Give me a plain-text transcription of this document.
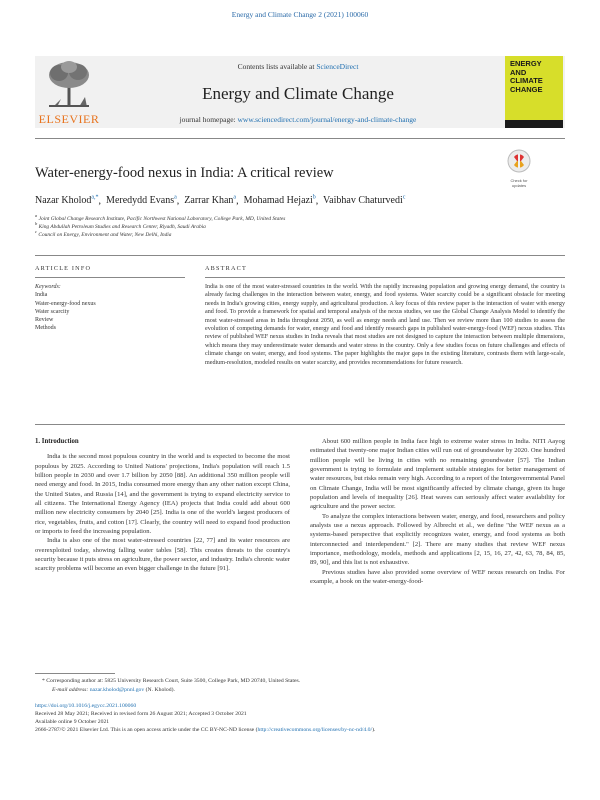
Energy and Climate Change 2 (2021) 100060
ELSEVIER
Contents lists available at ScienceDirect
Energy and Climate Change
journal homepage: www.sciencedirect.com/journal/energy-and-climate-change
ENERGY
AND
CLIMATE
CHANGE
Water-energy-food nexus in India: A critical review	Check for updates
Nazar Kholod$^{a,*}$,  Meredydd Evans$^a$,  Zarrar Khan$^a$,  Mohamad Hejazi$^b$,  Vaibhav Chaturvedi$^c$
$^a$ Joint Global Change Research Institute, Pacific Northwest National Laboratory, College Park, MD, United States
$^b$ King Abdullah Petroleum Studies and Research Center, Riyadh, Saudi Arabia
$^c$ Council on Energy, Environment and Water, New Delhi, India
ARTICLE INFO	ABSTRACT
Keywords:
India
Water-energy-food nexus
Water scarcity
Review
Methods
India is one of the most water-stressed countries in the world. With the rapidly increasing population and growing energy demand, the country is already facing challenges in the interaction between water, energy, and food systems. Water scarcity could be a significant obstacle for meeting needs in India's growing cities, energy supply, and agricultural production. A key focus of this review paper is the interaction of water with energy and food. To provide a framework for spatial and temporal analysis of the nexus studies, we use the Global Change Analysis Model to identify the most water-stressed areas in India throughout 2050, as well as energy needs and land use. Then we review more than 100 studies to assess the evolution of competing demands for water, energy and food and identify research gaps in published water-energy-food (WEF) nexus studies. This review of published WEF nexus studies in India reveals that most studies are not designed to capture the interaction between multiple dimensions, which means they may underestimate water demands and water stress in the country. Only a few studies focus on future challenges and effects of climate change on water, energy, and food systems. The paper highlights the major gaps in the existing literature, contrasts them with large-scale, medium-resolution, modeled results on water scarcity, and provides recommendations for future research.
1. Introduction

India is the second most populous country in the world and is expected to become the most populous by 2025. According to United Nations' projections, India's population will reach 1.5 billion people in 2030 and over 1.7 billion by 2050 [88]. An additional 350 million people will need energy and food. In 2015, India consumed more energy than any other nation except China, the United States, and Russia [14], and the government is trying to expand electricity service to all citizens. The International Energy Agency (IEA) projects that India could add about 600 million new electricity consumers by 2040 [25]. India is one of the world's largest producers of rice, vegetables, fruits, and cotton [17]. Clearly, the country will need to expand food production or imports to feed the increasing population.

India is also one of the most water-stressed countries [22, 77] and its water resources are overexploited today, showing falling water tables [58]. This creates threats to the country's security because it puts stress on agriculture, the power sector, and industry. India's chronic water scarcity problems will become an even bigger challenge in the future [91].

About 600 million people in India face high to extreme water stress in India. NITI Aayog estimated that twenty-one major Indian cities will run out of groundwater by 2020. One hundred million people will be living in cities with no remaining groundwater [57]. The Indian government is trying to formulate and implement suitable strategies for better management of water resources, but risks remain very high. According to a report of the Intergovernmental Panel on Climate Change, India will be most significantly affected by climate change, given its huge population and levels of inequality [26]. Heat waves can seriously affect water availability for agriculture and the power sector.

To analyze the complex interactions between water, energy, and food, researchers and policy analysts use a nexus approach. Followed by Albrecht et al., we define "the WEF nexus as a systems-based perspective that explicitly recognizes water, energy, and food systems as both interconnected and interdependent." [2]. There are many studies that review WEF nexus importance, methodology, models, methods and applications [2, 15, 16, 27, 42, 63, 78, 84, 85, 89, 90], and this list is not exhaustive.

Previous studies have also provided some overview of WEF nexus research on India. For example, a book on the water-energy-food-

* Corresponding author at: 5825 University Research Court, Suite 3500, College Park, MD 20740, United States.
E-mail address: nazar.kholod@pnnl.gov (N. Kholod).
https://doi.org/10.1016/j.egycc.2021.100060
Received 28 May 2021; Received in revised form 26 August 2021; Accepted 3 October 2021
Available online 9 October 2021
2666-2787/© 2021 Elsevier Ltd. This is an open access article under the CC BY-NC-ND license (http://creativecommons.org/licenses/by-nc-nd/4.0/).
